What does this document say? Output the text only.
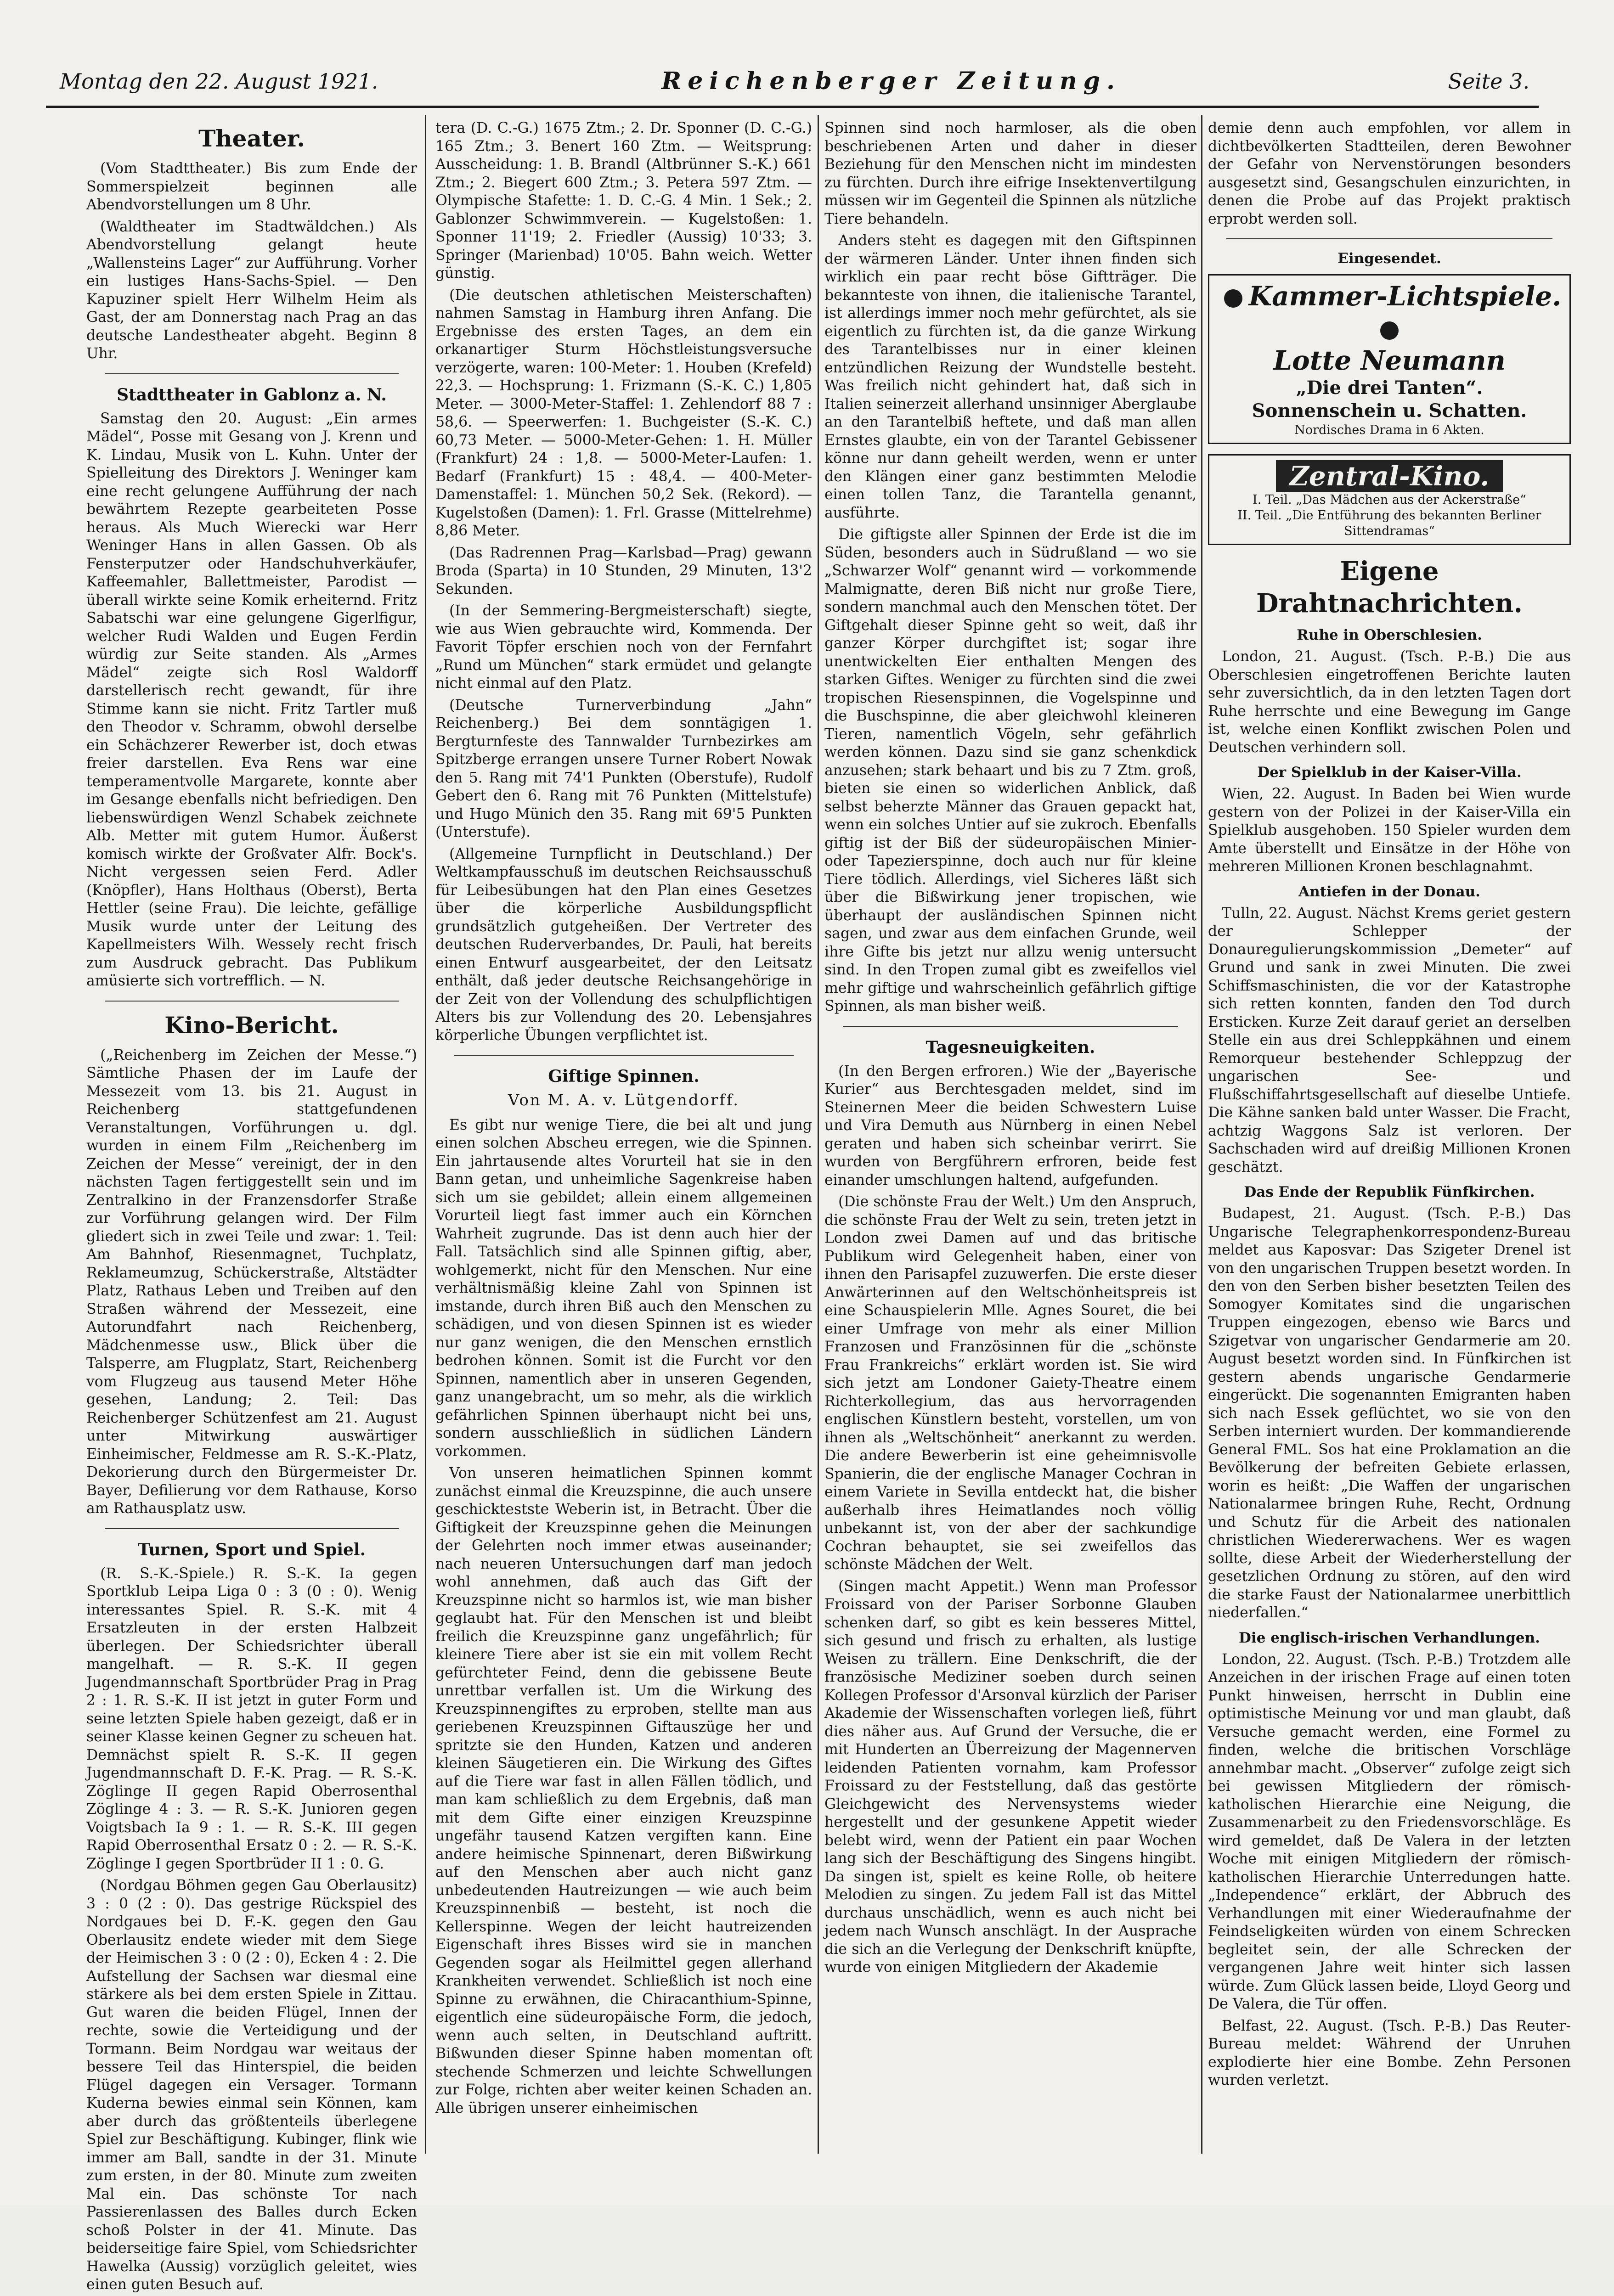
Montag den 22. August 1921.	Reichenberger Zeitung.	Seite 3.
Theater.

(Vom Stadttheater.) Bis zum Ende der Sommerspielzeit beginnen alle Abendvorstellungen um 8 Uhr.

(Waldtheater im Stadtwäldchen.) Als Abendvorstellung gelangt heute „Wallensteins Lager“ zur Aufführung. Vorher ein lustiges Hans-Sachs-Spiel. — Den Kapuziner spielt Herr Wilhelm Heim als Gast, der am Donnerstag nach Prag an das deutsche Landestheater abgeht. Beginn 8 Uhr.

Stadttheater in Gablonz a. N.

Samstag den 20. August: „Ein armes Mädel“, Posse mit Gesang von J. Krenn und K. Lindau, Musik von L. Kuhn. Unter der Spielleitung des Direktors J. Weninger kam eine recht gelungene Aufführung der nach bewährtem Rezepte gearbeiteten Posse heraus. Als Much Wierecki war Herr Weninger Hans in allen Gassen. Ob als Fensterputzer oder Handschuhverkäufer, Kaffeemahler, Ballettmeister, Parodist — überall wirkte seine Komik erheiternd. Fritz Sabatschi war eine gelungene Gigerlfigur, welcher Rudi Walden und Eugen Ferdin würdig zur Seite standen. Als „Armes Mädel“ zeigte sich Rosl Waldorff darstellerisch recht gewandt, für ihre Stimme kann sie nicht. Fritz Tartler muß den Theodor v. Schramm, obwohl derselbe ein Schächzerer Rewerber ist, doch etwas freier darstellen. Eva Rens war eine temperamentvolle Margarete, konnte aber im Gesange ebenfalls nicht befriedigen. Den liebenswürdigen Wenzl Schabek zeichnete Alb. Metter mit gutem Humor. Äußerst komisch wirkte der Großvater Alfr. Bock's. Nicht vergessen seien Ferd. Adler (Knöpfler), Hans Holthaus (Oberst), Berta Hettler (seine Frau). Die leichte, gefällige Musik wurde unter der Leitung des Kapellmeisters Wilh. Wessely recht frisch zum Ausdruck gebracht. Das Publikum amüsierte sich vortrefflich. — N.

Kino-Bericht.

(„Reichenberg im Zeichen der Messe.“) Sämtliche Phasen der im Laufe der Messezeit vom 13. bis 21. August in Reichenberg stattgefundenen Veranstaltungen, Vorführungen u. dgl. wurden in einem Film „Reichenberg im Zeichen der Messe“ vereinigt, der in den nächsten Tagen fertiggestellt sein und im Zentralkino in der Franzensdorfer Straße zur Vorführung gelangen wird. Der Film gliedert sich in zwei Teile und zwar: 1. Teil: Am Bahnhof, Riesenmagnet, Tuchplatz, Reklameumzug, Schückerstraße, Altstädter Platz, Rathaus Leben und Treiben auf den Straßen während der Messezeit, eine Autorundfahrt nach Reichenberg, Mädchenmesse usw., Blick über die Talsperre, am Flugplatz, Start, Reichenberg vom Flugzeug aus tausend Meter Höhe gesehen, Landung; 2. Teil: Das Reichenberger Schützenfest am 21. August unter Mitwirkung auswärtiger Einheimischer, Feldmesse am R. S.-K.-Platz, Dekorierung durch den Bürgermeister Dr. Bayer, Defilierung vor dem Rathause, Korso am Rathausplatz usw.

Turnen, Sport und Spiel.

(R. S.-K.-Spiele.) R. S.-K. Ia gegen Sportklub Leipa Liga 0 : 3 (0 : 0). Wenig interessantes Spiel. R. S.-K. mit 4 Ersatzleuten in der ersten Halbzeit überlegen. Der Schiedsrichter überall mangelhaft. — R. S.-K. II gegen Jugendmannschaft Sportbrüder Prag in Prag 2 : 1. R. S.-K. II ist jetzt in guter Form und seine letzten Spiele haben gezeigt, daß er in seiner Klasse keinen Gegner zu scheuen hat. Demnächst spielt R. S.-K. II gegen Jugendmannschaft D. F.-K. Prag. — R. S.-K. Zöglinge II gegen Rapid Oberrosenthal Zöglinge 4 : 3. — R. S.-K. Junioren gegen Voigtsbach Ia 9 : 1. — R. S.-K. III gegen Rapid Oberrosenthal Ersatz 0 : 2. — R. S.-K. Zöglinge I gegen Sportbrüder II 1 : 0. G.

(Nordgau Böhmen gegen Gau Oberlausitz) 3 : 0 (2 : 0). Das gestrige Rückspiel des Nordgaues bei D. F.-K. gegen den Gau Oberlausitz endete wieder mit dem Siege der Heimischen 3 : 0 (2 : 0), Ecken 4 : 2. Die Aufstellung der Sachsen war diesmal eine stärkere als bei dem ersten Spiele in Zittau. Gut waren die beiden Flügel, Innen der rechte, sowie die Verteidigung und der Tormann. Beim Nordgau war weitaus der bessere Teil das Hinterspiel, die beiden Flügel dagegen ein Versager. Tormann Kuderna bewies einmal sein Können, kam aber durch das größtenteils überlegene Spiel zur Beschäftigung. Kubinger, flink wie immer am Ball, sandte in der 31. Minute zum ersten, in der 80. Minute zum zweiten Mal ein. Das schönste Tor nach Passierenlassen des Balles durch Ecken schoß Polster in der 41. Minute. Das beiderseitige faire Spiel, vom Schiedsrichter Hawelka (Aussig) vorzüglich geleitet, wies einen guten Besuch auf.

tera (D. C.-G.) 1675 Ztm.; 2. Dr. Sponner (D. C.-G.) 165 Ztm.; 3. Benert 160 Ztm. — Weitsprung: Ausscheidung: 1. B. Brandl (Altbrünner S.-K.) 661 Ztm.; 2. Biegert 600 Ztm.; 3. Petera 597 Ztm. — Olympische Stafette: 1. D. C.-G. 4 Min. 1 Sek.; 2. Gablonzer Schwimmverein. — Kugelstoßen: 1. Sponner 11'19; 2. Friedler (Aussig) 10'33; 3. Springer (Marienbad) 10'05. Bahn weich. Wetter günstig.

(Die deutschen athletischen Meisterschaften) nahmen Samstag in Hamburg ihren Anfang. Die Ergebnisse des ersten Tages, an dem ein orkanartiger Sturm Höchstleistungsversuche verzögerte, waren: 100-Meter: 1. Houben (Krefeld) 22,3. — Hochsprung: 1. Frizmann (S.-K. C.) 1,805 Meter. — 3000-Meter-Staffel: 1. Zehlendorf 88 7 : 58,6. — Speerwerfen: 1. Buchgeister (S.-K. C.) 60,73 Meter. — 5000-Meter-Gehen: 1. H. Müller (Frankfurt) 24 : 1,8. — 5000-Meter-Laufen: 1. Bedarf (Frankfurt) 15 : 48,4. — 400-Meter-Damenstaffel: 1. München 50,2 Sek. (Rekord). — Kugelstoßen (Damen): 1. Frl. Grasse (Mittelrehme) 8,86 Meter.

(Das Radrennen Prag—Karlsbad—Prag) gewann Broda (Sparta) in 10 Stunden, 29 Minuten, 13'2 Sekunden.

(In der Semmering-Bergmeisterschaft) siegte, wie aus Wien gebrauchte wird, Kommenda. Der Favorit Töpfer erschien noch von der Fernfahrt „Rund um München“ stark ermüdet und gelangte nicht einmal auf den Platz.

(Deutsche Turnerverbindung „Jahn“ Reichenberg.) Bei dem sonntägigen 1. Bergturnfeste des Tannwalder Turnbezirkes am Spitzberge errangen unsere Turner Robert Nowak den 5. Rang mit 74'1 Punkten (Oberstufe), Rudolf Gebert den 6. Rang mit 76 Punkten (Mittelstufe) und Hugo Münich den 35. Rang mit 69'5 Punkten (Unterstufe).

(Allgemeine Turnpflicht in Deutschland.) Der Weltkampfausschuß im deutschen Reichsausschuß für Leibesübungen hat den Plan eines Gesetzes über die körperliche Ausbildungspflicht grundsätzlich gutgeheißen. Der Vertreter des deutschen Ruderverbandes, Dr. Pauli, hat bereits einen Entwurf ausgearbeitet, der den Leitsatz enthält, daß jeder deutsche Reichsangehörige in der Zeit von der Vollendung des schulpflichtigen Alters bis zur Vollendung des 20. Lebensjahres körperliche Übungen verpflichtet ist.

Giftige Spinnen.
Von M. A. v. Lütgendorff.

Es gibt nur wenige Tiere, die bei alt und jung einen solchen Abscheu erregen, wie die Spinnen. Ein jahrtausende altes Vorurteil hat sie in den Bann getan, und unheimliche Sagenkreise haben sich um sie gebildet; allein einem allgemeinen Vorurteil liegt fast immer auch ein Körnchen Wahrheit zugrunde. Das ist denn auch hier der Fall. Tatsächlich sind alle Spinnen giftig, aber, wohlgemerkt, nicht für den Menschen. Nur eine verhältnismäßig kleine Zahl von Spinnen ist imstande, durch ihren Biß auch den Menschen zu schädigen, und von diesen Spinnen ist es wieder nur ganz wenigen, die den Menschen ernstlich bedrohen können. Somit ist die Furcht vor den Spinnen, namentlich aber in unseren Gegenden, ganz unangebracht, um so mehr, als die wirklich gefährlichen Spinnen überhaupt nicht bei uns, sondern ausschließlich in südlichen Ländern vorkommen.

Von unseren heimatlichen Spinnen kommt zunächst einmal die Kreuzspinne, die auch unsere geschicktestste Weberin ist, in Betracht. Über die Giftigkeit der Kreuzspinne gehen die Meinungen der Gelehrten noch immer etwas auseinander; nach neueren Untersuchungen darf man jedoch wohl annehmen, daß auch das Gift der Kreuzspinne nicht so harmlos ist, wie man bisher geglaubt hat. Für den Menschen ist und bleibt freilich die Kreuzspinne ganz ungefährlich; für kleinere Tiere aber ist sie ein mit vollem Recht gefürchteter Feind, denn die gebissene Beute unrettbar verfallen ist. Um die Wirkung des Kreuzspinnengiftes zu erproben, stellte man aus geriebenen Kreuzspinnen Giftauszüge her und spritzte sie den Hunden, Katzen und anderen kleinen Säugetieren ein. Die Wirkung des Giftes auf die Tiere war fast in allen Fällen tödlich, und man kam schließlich zu dem Ergebnis, daß man mit dem Gifte einer einzigen Kreuzspinne ungefähr tausend Katzen vergiften kann. Eine andere heimische Spinnenart, deren Bißwirkung auf den Menschen aber auch nicht ganz unbedeutenden Hautreizungen — wie auch beim Kreuzspinnenbiß — besteht, ist noch die Kellerspinne. Wegen der leicht hautreizenden Eigenschaft ihres Bisses wird sie in manchen Gegenden sogar als Heilmittel gegen allerhand Krankheiten verwendet. Schließlich ist noch eine Spinne zu erwähnen, die Chiracanthium-Spinne, eigentlich eine südeuropäische Form, die jedoch, wenn auch selten, in Deutschland auftritt. Bißwunden dieser Spinne haben momentan oft stechende Schmerzen und leichte Schwellungen zur Folge, richten aber weiter keinen Schaden an. Alle übrigen unserer einheimischen

Spinnen sind noch harmloser, als die oben beschriebenen Arten und daher in dieser Beziehung für den Menschen nicht im mindesten zu fürchten. Durch ihre eifrige Insektenvertilgung müssen wir im Gegenteil die Spinnen als nützliche Tiere behandeln.

Anders steht es dagegen mit den Giftspinnen der wärmeren Länder. Unter ihnen finden sich wirklich ein paar recht böse Giftträger. Die bekannteste von ihnen, die italienische Tarantel, ist allerdings immer noch mehr gefürchtet, als sie eigentlich zu fürchten ist, da die ganze Wirkung des Tarantelbisses nur in einer kleinen entzündlichen Reizung der Wundstelle besteht. Was freilich nicht gehindert hat, daß sich in Italien seinerzeit allerhand unsinniger Aberglaube an den Tarantelbiß heftete, und daß man allen Ernstes glaubte, ein von der Tarantel Gebissener könne nur dann geheilt werden, wenn er unter den Klängen einer ganz bestimmten Melodie einen tollen Tanz, die Tarantella genannt, ausführte.

Die giftigste aller Spinnen der Erde ist die im Süden, besonders auch in Südrußland — wo sie „Schwarzer Wolf“ genannt wird — vorkommende Malmignatte, deren Biß nicht nur große Tiere, sondern manchmal auch den Menschen tötet. Der Giftgehalt dieser Spinne geht so weit, daß ihr ganzer Körper durchgiftet ist; sogar ihre unentwickelten Eier enthalten Mengen des starken Giftes. Weniger zu fürchten sind die zwei tropischen Riesenspinnen, die Vogelspinne und die Buschspinne, die aber gleichwohl kleineren Tieren, namentlich Vögeln, sehr gefährlich werden können. Dazu sind sie ganz schenkdick anzusehen; stark behaart und bis zu 7 Ztm. groß, bieten sie einen so widerlichen Anblick, daß selbst beherzte Männer das Grauen gepackt hat, wenn ein solches Untier auf sie zukroch. Ebenfalls giftig ist der Biß der südeuropäischen Minier- oder Tapezierspinne, doch auch nur für kleine Tiere tödlich. Allerdings, viel Sicheres läßt sich über die Bißwirkung jener tropischen, wie überhaupt der ausländischen Spinnen nicht sagen, und zwar aus dem einfachen Grunde, weil ihre Gifte bis jetzt nur allzu wenig untersucht sind. In den Tropen zumal gibt es zweifellos viel mehr giftige und wahrscheinlich gefährlich giftige Spinnen, als man bisher weiß.

Tagesneuigkeiten.

(In den Bergen erfroren.) Wie der „Bayerische Kurier“ aus Berchtesgaden meldet, sind im Steinernen Meer die beiden Schwestern Luise und Vira Demuth aus Nürnberg in einen Nebel geraten und haben sich scheinbar verirrt. Sie wurden von Bergführern erfroren, beide fest einander umschlungen haltend, aufgefunden.

(Die schönste Frau der Welt.) Um den Anspruch, die schönste Frau der Welt zu sein, treten jetzt in London zwei Damen auf und das britische Publikum wird Gelegenheit haben, einer von ihnen den Parisapfel zuzuwerfen. Die erste dieser Anwärterinnen auf den Weltschönheitspreis ist eine Schauspielerin Mlle. Agnes Souret, die bei einer Umfrage von mehr als einer Million Franzosen und Französinnen für die „schönste Frau Frankreichs“ erklärt worden ist. Sie wird sich jetzt am Londoner Gaiety-Theatre einem Richterkollegium, das aus hervorragenden englischen Künstlern besteht, vorstellen, um von ihnen als „Weltschönheit“ anerkannt zu werden. Die andere Bewerberin ist eine geheimnisvolle Spanierin, die der englische Manager Cochran in einem Variete in Sevilla entdeckt hat, die bisher außerhalb ihres Heimatlandes noch völlig unbekannt ist, von der aber der sachkundige Cochran behauptet, sie sei zweifellos das schönste Mädchen der Welt.

(Singen macht Appetit.) Wenn man Professor Froissard von der Pariser Sorbonne Glauben schenken darf, so gibt es kein besseres Mittel, sich gesund und frisch zu erhalten, als lustige Weisen zu trällern. Eine Denkschrift, die der französische Mediziner soeben durch seinen Kollegen Professor d'Arsonval kürzlich der Pariser Akademie der Wissenschaften vorlegen ließ, führt dies näher aus. Auf Grund der Versuche, die er mit Hunderten an Überreizung der Magennerven leidenden Patienten vornahm, kam Professor Froissard zu der Feststellung, daß das gestörte Gleichgewicht des Nervensystems wieder hergestellt und der gesunkene Appetit wieder belebt wird, wenn der Patient ein paar Wochen lang sich der Beschäftigung des Singens hingibt. Da singen ist, spielt es keine Rolle, ob heitere Melodien zu singen. Zu jedem Fall ist das Mittel durchaus unschädlich, wenn es auch nicht bei jedem nach Wunsch anschlägt. In der Ausprache die sich an die Verlegung der Denkschrift knüpfte, wurde von einigen Mitgliedern der Akademie

demie denn auch empfohlen, vor allem in dichtbevölkerten Stadtteilen, deren Bewohner der Gefahr von Nervenstörungen besonders ausgesetzt sind, Gesangschulen einzurichten, in denen die Probe auf das Projekt praktisch erprobt werden soll.

Eingesendet.
Kammer-Lichtspiele.
Lotte Neumann
„Die drei Tanten“.
Sonnenschein u. Schatten.
Nordisches Drama in 6 Akten.
Zentral-Kino.
I. Teil. „Das Mädchen aus der Ackerstraße“
II. Teil. „Die Entführung des bekannten Berliner Sittendramas“
Eigene Drahtnachrichten.
Ruhe in Oberschlesien.

London, 21. August. (Tsch. P.-B.) Die aus Oberschlesien eingetroffenen Berichte lauten sehr zuversichtlich, da in den letzten Tagen dort Ruhe herrschte und eine Bewegung im Gange ist, welche einen Konflikt zwischen Polen und Deutschen verhindern soll.

Der Spielklub in der Kaiser-Villa.

Wien, 22. August. In Baden bei Wien wurde gestern von der Polizei in der Kaiser-Villa ein Spielklub ausgehoben. 150 Spieler wurden dem Amte überstellt und Einsätze in der Höhe von mehreren Millionen Kronen beschlagnahmt.

Antiefen in der Donau.

Tulln, 22. August. Nächst Krems geriet gestern der Schlepper der Donauregulierungskommission „Demeter“ auf Grund und sank in zwei Minuten. Die zwei Schiffsmaschinisten, die vor der Katastrophe sich retten konnten, fanden den Tod durch Ersticken. Kurze Zeit darauf geriet an derselben Stelle ein aus drei Schleppkähnen und einem Remorqueur bestehender Schleppzug der ungarischen See- und Flußschiffahrtsgesellschaft auf dieselbe Untiefe. Die Kähne sanken bald unter Wasser. Die Fracht, achtzig Waggons Salz ist verloren. Der Sachschaden wird auf dreißig Millionen Kronen geschätzt.

Das Ende der Republik Fünfkirchen.

Budapest, 21. August. (Tsch. P.-B.) Das Ungarische Telegraphenkorrespondenz-Bureau meldet aus Kaposvar: Das Szigeter Drenel ist von den ungarischen Truppen besetzt worden. In den von den Serben bisher besetzten Teilen des Somogyer Komitates sind die ungarischen Truppen eingezogen, ebenso wie Barcs und Szigetvar von ungarischer Gendarmerie am 20. August besetzt worden sind. In Fünfkirchen ist gestern abends ungarische Gendarmerie eingerückt. Die sogenannten Emigranten haben sich nach Essek geflüchtet, wo sie von den Serben interniert wurden. Der kommandierende General FML. Sos hat eine Proklamation an die Bevölkerung der befreiten Gebiete erlassen, worin es heißt: „Die Waffen der ungarischen Nationalarmee bringen Ruhe, Recht, Ordnung und Schutz für die Arbeit des nationalen christlichen Wiedererwachens. Wer es wagen sollte, diese Arbeit der Wiederherstellung der gesetzlichen Ordnung zu stören, auf den wird die starke Faust der Nationalarmee unerbittlich niederfallen.“

Die englisch-irischen Verhandlungen.

London, 22. August. (Tsch. P.-B.) Trotzdem alle Anzeichen in der irischen Frage auf einen toten Punkt hinweisen, herrscht in Dublin eine optimistische Meinung vor und man glaubt, daß Versuche gemacht werden, eine Formel zu finden, welche die britischen Vorschläge annehmbar macht. „Observer“ zufolge zeigt sich bei gewissen Mitgliedern der römisch-katholischen Hierarchie eine Neigung, die Zusammenarbeit zu den Friedensvorschläge. Es wird gemeldet, daß De Valera in der letzten Woche mit einigen Mitgliedern der römisch-katholischen Hierarchie Unterredungen hatte. „Independence“ erklärt, der Abbruch des Verhandlungen mit einer Wiederaufnahme der Feindseligkeiten würden von einem Schrecken begleitet sein, der alle Schrecken der vergangenen Jahre weit hinter sich lassen würde. Zum Glück lassen beide, Lloyd Georg und De Valera, die Tür offen.

Belfast, 22. August. (Tsch. P.-B.) Das Reuter-Bureau meldet: Während der Unruhen explodierte hier eine Bombe. Zehn Personen wurden verletzt.
